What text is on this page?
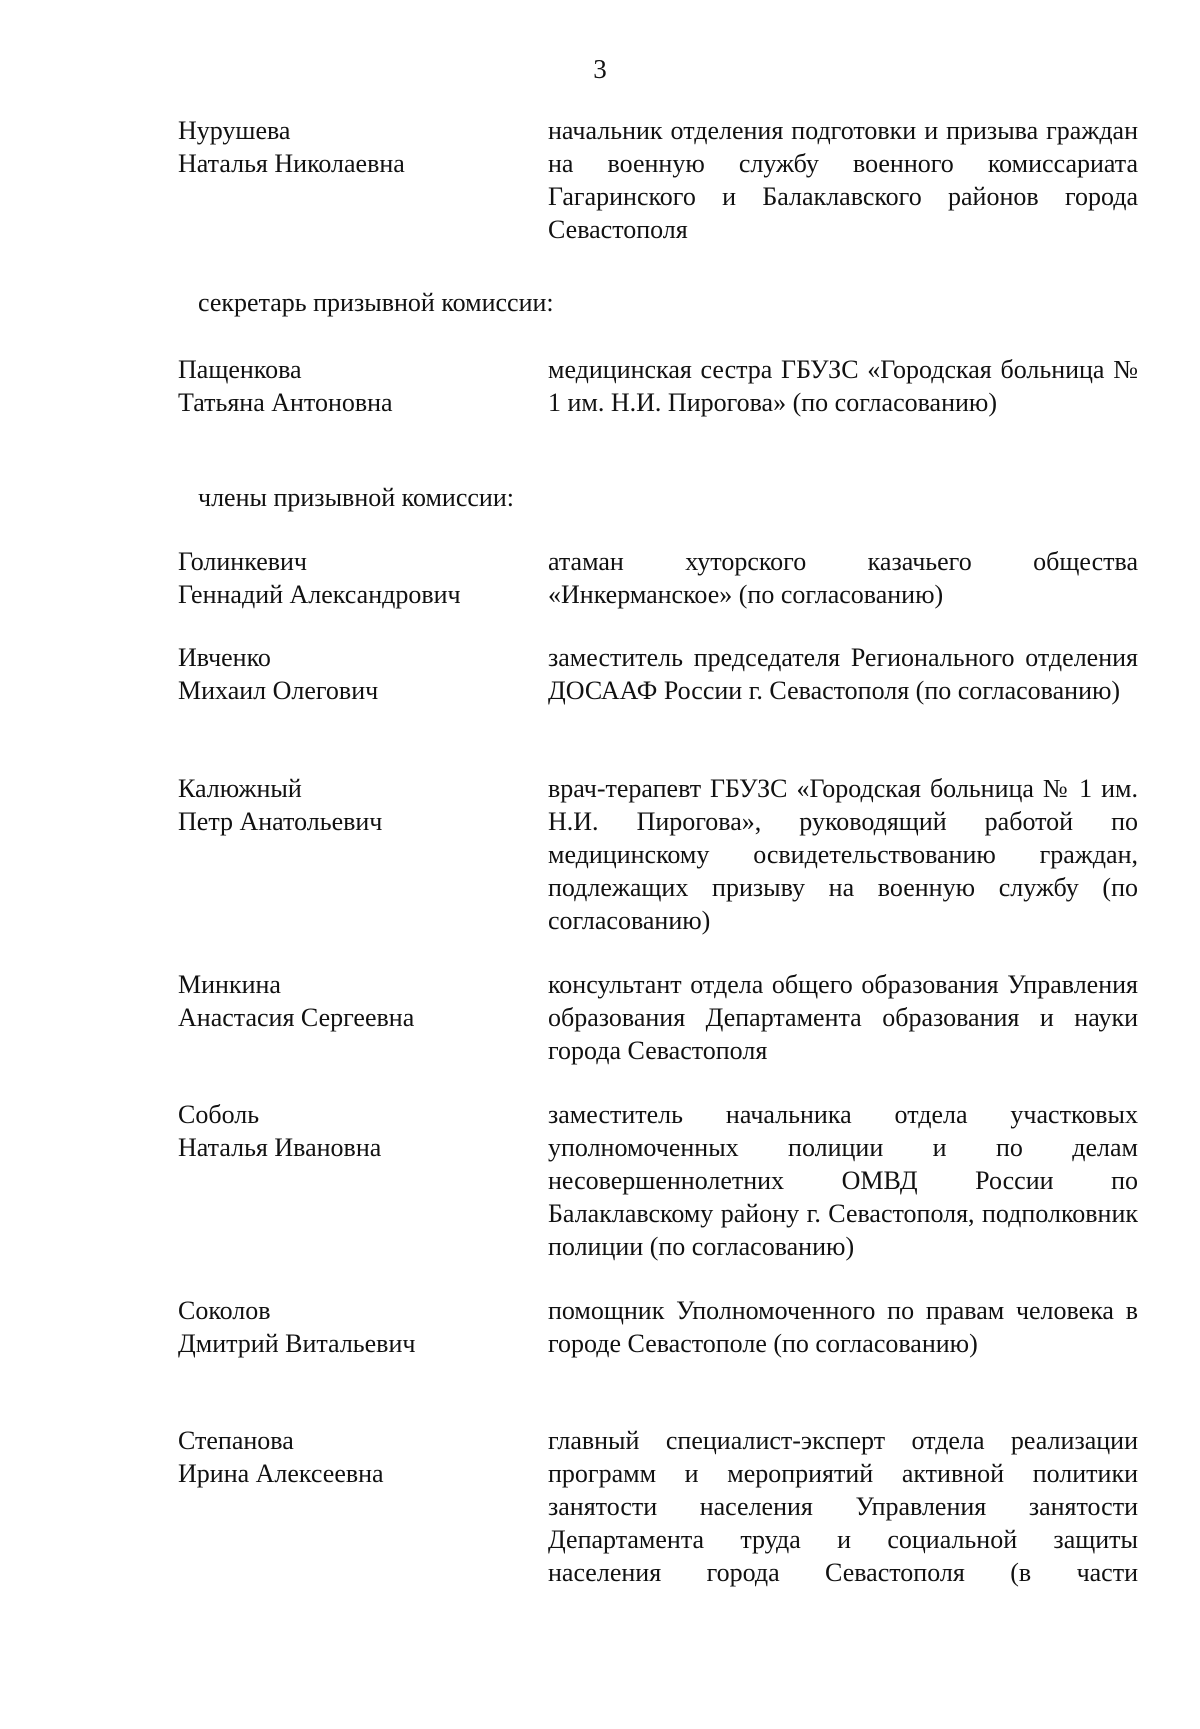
3
Нурушева
Наталья Николаевна
начальник отделения подготовки и призыва граждан на военную службу военного комиссариата Гагаринского и Балаклавского районов города Севастополя
секретарь призывной комиссии:
Пащенкова
Татьяна Антоновна
медицинская сестра ГБУЗС «Городская больница № 1 им. Н.И. Пирогова» (по согласованию)
члены призывной комиссии:
Голинкевич
Геннадий Александрович
атаман хуторского казачьего общества «Инкерманское» (по согласованию)
Ивченко
Михаил Олегович
заместитель председателя Регионального отделения ДОСААФ России г. Севастополя (по согласованию)
Калюжный
Петр Анатольевич
врач-терапевт ГБУЗС «Городская больница № 1 им. Н.И. Пирогова», руководящий работой по медицинскому освидетельствованию граждан, подлежащих призыву на военную службу (по согласованию)
Минкина
Анастасия Сергеевна
консультант отдела общего образования Управления образования Департамента образования и науки города Севастополя
Соболь
Наталья Ивановна
заместитель начальника отдела участковых уполномоченных полиции и по делам несовершеннолетних ОМВД России по Балаклавскому району г. Севастополя, подполковник полиции (по согласованию)
Соколов
Дмитрий Витальевич
помощник Уполномоченного по правам человека в городе Севастополе (по согласованию)
Степанова
Ирина Алексеевна
главный специалист-эксперт отдела реализации программ и мероприятий активной политики занятости населения Управления занятости Департамента труда и социальной защиты населения города Севастополя (в части
